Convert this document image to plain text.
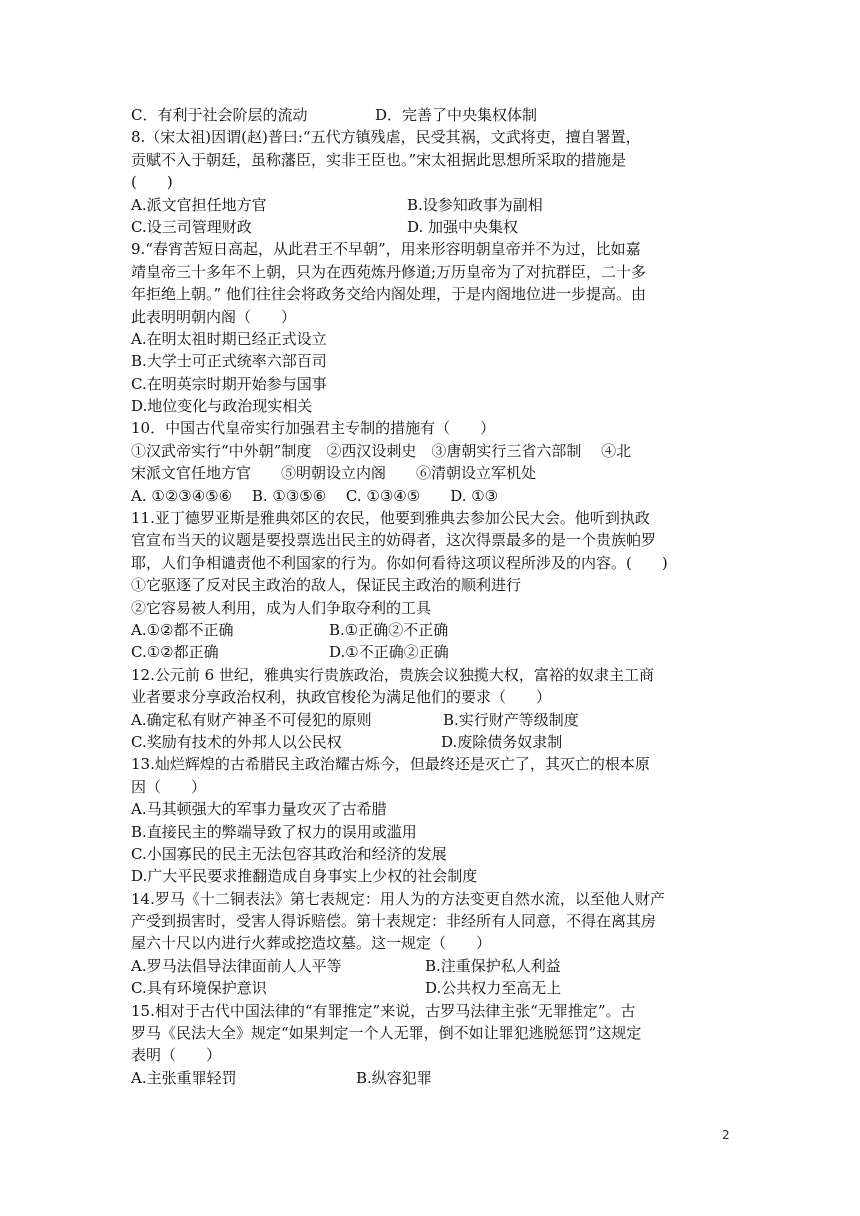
C．有利于社会阶层的流动	D．完善了中央集权体制
8.（宋太祖)因谓(赵)普曰:“五代方镇残虐，民受其祸，文武将吏，擅自署置，
贡赋不入于朝廷，虽称藩臣，实非王臣也。”宋太祖据此思想所采取的措施是
(　　)
A.派文官担任地方官	B.设参知政事为副相
C.设三司管理财政	D. 加强中央集权
9.“春宵苦短日高起，从此君王不早朝”，用来形容明朝皇帝并不为过，比如嘉
靖皇帝三十多年不上朝，只为在西苑炼丹修道;万历皇帝为了对抗群臣，二十多
年拒绝上朝。” 他们往往会将政务交给内阁处理，于是内阁地位进一步提高。由
此表明明朝内阁（　　）
A.在明太祖时期已经正式设立
B.大学士可正式统率六部百司
C.在明英宗时期开始参与国事
D.地位变化与政治现实相关
10．中国古代皇帝实行加强君主专制的措施有（　　）
①汉武帝实行“中外朝”制度　②西汉设刺史　③唐朝实行三省六部制　 ④北
宋派文官任地方官　　⑤明朝设立内阁　　⑥清朝设立军机处
A. ①②③④⑤⑥　 B. ①③⑤⑥　 C. ①③④⑤　　D. ①③
11.亚丁德罗亚斯是雅典郊区的农民，他要到雅典去参加公民大会。他听到执政
官宣布当天的议题是要投票选出民主的妨碍者，这次得票最多的是一个贵族帕罗
耶，人们争相谴责他不利国家的行为。你如何看待这项议程所涉及的内容。(　　)
①它驱逐了反对民主政治的敌人，保证民主政治的顺利进行
②它容易被人利用，成为人们争取夺利的工具
A.①②都不正确	B.①正确②不正确
C.①②都正确	D.①不正确②正确
12.公元前 6 世纪，雅典实行贵族政治，贵族会议独揽大权，富裕的奴隶主工商
业者要求分享政治权利，执政官梭伦为满足他们的要求（　　）
A.确定私有财产神圣不可侵犯的原则	B.实行财产等级制度
C.奖励有技术的外邦人以公民权	D.废除债务奴隶制
13.灿烂辉煌的古希腊民主政治耀古烁今，但最终还是灭亡了，其灭亡的根本原
因（　　）
A.马其顿强大的军事力量攻灭了古希腊
B.直接民主的弊端导致了权力的误用或滥用
C.小国寡民的民主无法包容其政治和经济的发展
D.广大平民要求推翻造成自身事实上少权的社会制度
14.罗马《十二铜表法》第七表规定：用人为的方法变更自然水流，以至他人财产
产受到损害时，受害人得诉赔偿。第十表规定：非经所有人同意，不得在离其房
屋六十尺以内进行火葬或挖造坟墓。这一规定（　　）
A.罗马法倡导法律面前人人平等	B.注重保护私人利益
C.具有环境保护意识	D.公共权力至高无上
15.相对于古代中国法律的“有罪推定”来说，古罗马法律主张“无罪推定”。古
罗马《民法大全》规定“如果判定一个人无罪，倒不如让罪犯逃脱惩罚”这规定
表明（　　）
A.主张重罪轻罚	B.纵容犯罪
2
